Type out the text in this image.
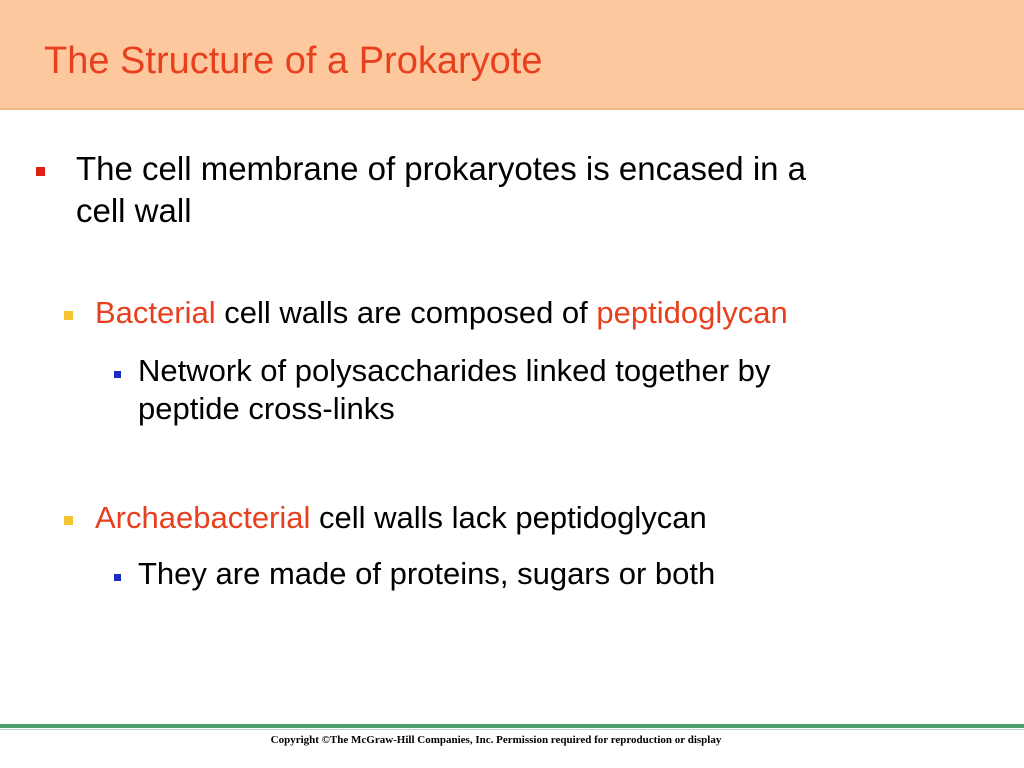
The Structure of a Prokaryote
The cell membrane of prokaryotes is encased in a
cell wall
Bacterial cell walls are composed of peptidoglycan
Network of polysaccharides linked together by
peptide cross-links
Archaebacterial cell walls lack peptidoglycan
They are made of proteins, sugars or both
Copyright ©The McGraw-Hill Companies, Inc. Permission required for reproduction or display
